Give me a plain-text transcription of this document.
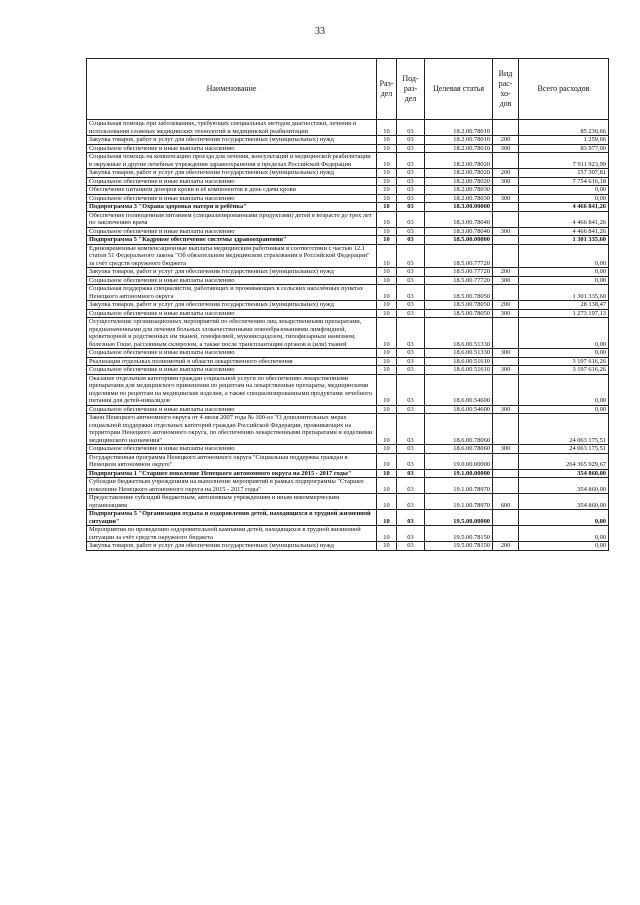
33
Наименование	Раз-дел	Под-раз-дел	Целевая статья	Вид рас-хо-дов	Всего расходов
Социальная помощь при заболеваниях, требующих специальных методов диагностики, лечения и использования сложных медицинских технологий и медицинской реабилитации	10	03	18.2.00.78010		85 236,66
Закупка товаров, работ и услуг для обеспечения государственных (муниципальных) нужд	10	03	18.2.00.78010	200	1 259,66
Социальное обеспечение и иные выплаты населению	10	03	18.2.00.78010	300	83 977,00
Социальная помощь на компенсацию проезда для лечения, консультаций и медицинской реабилитации в окружные и другие лечебные учреждения здравоохранения в пределах Российской Федерации	10	03	18.2.00.78020		7 911 923,99
Закупка товаров, работ и услуг для обеспечения государственных (муниципальных) нужд	10	03	18.2.00.78020	200	157 307,81
Социальное обеспечение и иные выплаты населению	10	03	18.2.00.78020	300	7 754 616,18
Обеспечение питанием доноров крови и её компонентов в день сдачи крови	10	03	18.2.00.78030		0,00
Социальное обеспечение и иные выплаты населению	10	03	18.2.00.78030	300	0,00
Подпрограмма 3 "Охрана здоровья матери и ребёнка"	10	03	18.3.00.00000		4 466 841,26
Обеспечение полноценным питанием (специализированными продуктами) детей в возрасте до трех лет по заключению врача	10	03	18.3.00.78040		4 466 841,26
Социальное обеспечение и иные выплаты населению	10	03	18.3.00.78040	300	4 466 841,26
Подпрограмма 5 "Кадровое обеспечение системы здравоохранения"	10	03	18.5.00.00000		1 301 335,60
Единовременные компенсационные выплаты медицинским работникам в соответствии с частью 12.1 статьи 51 Федерального закона "Об обязательном медицинском страховании в Российской Федерации" за счёт средств окружного бюджета	10	03	18.5.00.77720		0,00
Закупка товаров, работ и услуг для обеспечения государственных (муниципальных) нужд	10	03	18.5.00.77720	200	0,00
Социальное обеспечение и иные выплаты населению	10	03	18.5.00.77720	300	0,00
Социальная поддержка специалистов, работающих и проживающих в сельских населённых пунктах Ненецкого автономного округа	10	03	18.5.00.78050		1 301 335,60
Закупка товаров, работ и услуг для обеспечения государственных (муниципальных) нужд	10	03	18.5.00.78050	200	28 138,47
Социальное обеспечение и иные выплаты населению	10	03	18.5.00.78050	300	1 273 197,13
Осуществление организационных мероприятий по обеспечению лиц лекарственными препаратами, предназначенными для лечения больных злокачественными новообразованиями лимфоидной, кроветворной и родственных им тканей, гемофилией, муковисцидозом, гипофизарным нанизмом, болезнью Гоше, рассеянным склерозом, а также после трансплантации органов и (или) тканей	10	03	18.6.00.51330		0,00
Социальное обеспечение и иные выплаты населению	10	03	18.6.00.51330	300	0,00
Реализация отдельных полномочий в области лекарственного обеспечения	10	03	18.6.00.51610		3 197 616,26
Социальное обеспечение и иные выплаты населению	10	03	18.6.00.51610	300	3 197 616,26
Оказание отдельным категориям граждан социальной услуги по обеспечению лекарственными препаратами для медицинского применения по рецептам на лекарственные препараты, медицинскими изделиями по рецептам на медицинские изделия, а также специализированными продуктами лечебного питания для детей-инвалидов	10	03	18.6.00.54600		0,00
Социальное обеспечение и иные выплаты населению	10	03	18.6.00.54600	300	0,00
Закон Ненецкого автономного округа от 4 июля 2007 года № 100-оз "О дополнительных мерах социальной поддержки отдельных категорий граждан Российской Федерации, проживающих на территории Ненецкого автономного округа, по обеспечению лекарственными препаратами и изделиями медицинского назначения"	10	03	18.6.00.78060		24 063 175,51
Социальное обеспечение и иные выплаты населению	10	03	18.6.00.78060	300	24 063 175,51
Государственная программа Ненецкого автономного округа "Социальная поддержка граждан в Ненецком автономном округе"	10	03	19.0.00.00000		264 365 929,67
Подпрограмма 1 "Старшее поколение Ненецкого автономного округа на 2015 - 2017 годы"	10	03	19.1.00.00000		354 860,00
Субсидии бюджетным учреждениям на выполнение мероприятий в рамках подпрограммы "Старшее поколение Ненецкого автономного округа на 2015 - 2017 годы"	10	03	19.1.00.78970		354 860,00
Предоставление субсидий бюджетным, автономным учреждениям и иным некоммерческим организациям	10	03	19.1.00.78970	600	354 860,00
Подпрограмма 5 "Организация отдыха и оздоровления детей, находящихся в трудной жизненной ситуации"	10	03	19.5.00.00000		0,00
Мероприятия по проведению оздоровительной кампании детей, находящихся в трудной жизненной ситуации за счёт средств окружного бюджета	10	03	19.5.00.78150		0,00
Закупка товаров, работ и услуг для обеспечения государственных (муниципальных) нужд	10	03	19.5.00.78150	200	0,00
